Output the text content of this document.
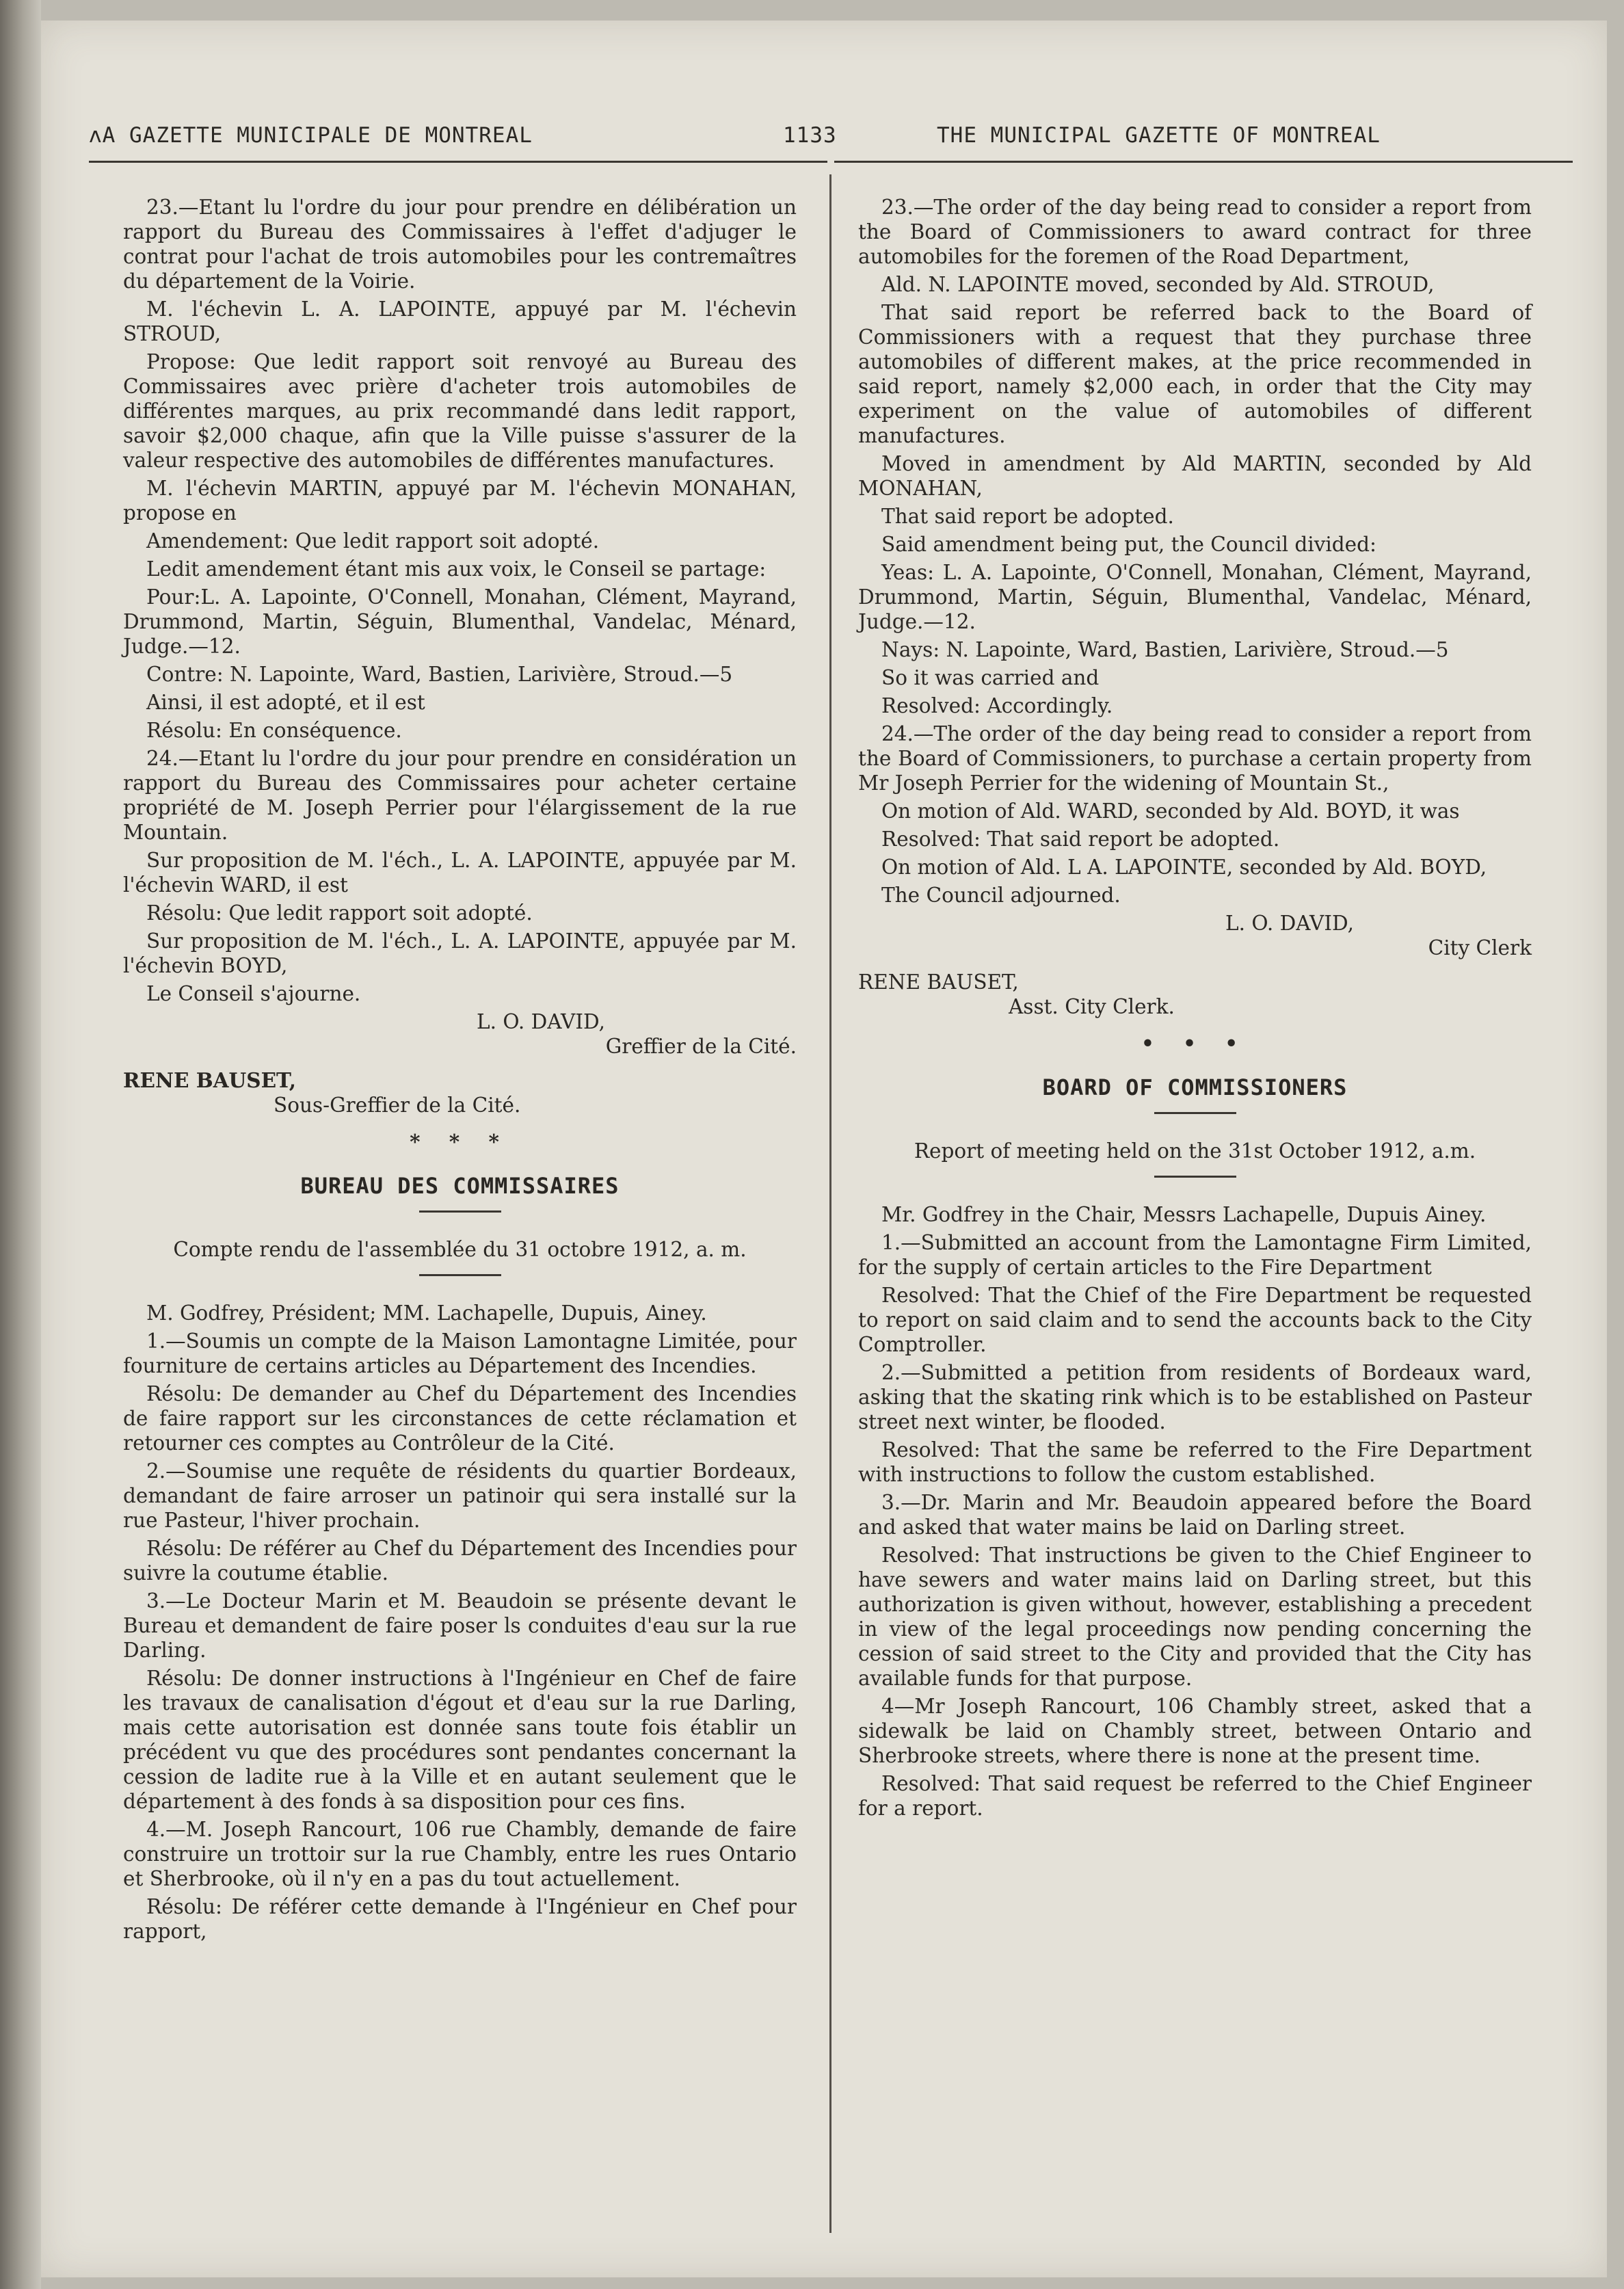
ʌA GAZETTE MUNICIPALE DE MONTREAL	1133	THE MUNICIPAL GAZETTE OF MONTREAL

23.—Etant lu l'ordre du jour pour prendre en délibération un rapport du Bureau des Commissaires à l'effet d'adjuger le contrat pour l'achat de trois automobiles pour les contremaîtres du département de la Voirie.

M. l'échevin L. A. LAPOINTE, appuyé par M. l'échevin STROUD,

Propose: Que ledit rapport soit renvoyé au Bureau des Commissaires avec prière d'acheter trois automobiles de différentes marques, au prix recommandé dans ledit rapport, savoir $2,000 chaque, afin que la Ville puisse s'assurer de la valeur respective des automobiles de différentes manufactures.

M. l'échevin MARTIN, appuyé par M. l'échevin MONAHAN, propose en

Amendement: Que ledit rapport soit adopté.

Ledit amendement étant mis aux voix, le Conseil se partage:

Pour:L. A. Lapointe, O'Connell, Monahan, Clément, Mayrand, Drummond, Martin, Séguin, Blumenthal, Vandelac, Ménard, Judge.—12.

Contre: N. Lapointe, Ward, Bastien, Larivière, Stroud.—5

Ainsi, il est adopté, et il est

Résolu: En conséquence.

24.—Etant lu l'ordre du jour pour prendre en considération un rapport du Bureau des Commissaires pour acheter certaine propriété de M. Joseph Perrier pour l'élargissement de la rue Mountain.

Sur proposition de M. l'éch., L. A. LAPOINTE, appuyée par M. l'échevin WARD, il est

Résolu: Que ledit rapport soit adopté.

Sur proposition de M. l'éch., L. A. LAPOINTE, appuyée par M. l'échevin BOYD,

Le Conseil s'ajourne.

L. O. DAVID,

Greffier de la Cité.

RENE BAUSET,

Sous-Greffier de la Cité.

* * *

BUREAU DES COMMISSAIRES

Compte rendu de l'assemblée du 31 octobre 1912, a. m.

M. Godfrey, Président; MM. Lachapelle, Dupuis, Ainey.

1.—Soumis un compte de la Maison Lamontagne Limitée, pour fourniture de certains articles au Département des Incendies.

Résolu: De demander au Chef du Département des Incendies de faire rapport sur les circonstances de cette réclamation et retourner ces comptes au Contrôleur de la Cité.

2.—Soumise une requête de résidents du quartier Bordeaux, demandant de faire arroser un patinoir qui sera installé sur la rue Pasteur, l'hiver prochain.

Résolu: De référer au Chef du Département des Incendies pour suivre la coutume établie.

3.—Le Docteur Marin et M. Beaudoin se présente devant le Bureau et demandent de faire poser ls conduites d'eau sur la rue Darling.

Résolu: De donner instructions à l'Ingénieur en Chef de faire les travaux de canalisation d'égout et d'eau sur la rue Darling, mais cette autorisation est donnée sans toute fois établir un précédent vu que des procédures sont pendantes concernant la cession de ladite rue à la Ville et en autant seulement que le département à des fonds à sa disposition pour ces fins.

4.—M. Joseph Rancourt, 106 rue Chambly, demande de faire construire un trottoir sur la rue Chambly, entre les rues Ontario et Sherbrooke, où il n'y en a pas du tout actuellement.

Résolu: De référer cette demande à l'Ingénieur en Chef pour rapport,

23.—The order of the day being read to consider a report from the Board of Commissioners to award contract for three automobiles for the foremen of the Road Department,

Ald. N. LAPOINTE moved, seconded by Ald. STROUD,

That said report be referred back to the Board of Commissioners with a request that they purchase three automobiles of different makes, at the price recommended in said report, namely $2,000 each, in order that the City may experiment on the value of automobiles of different manufactures.

Moved in amendment by Ald MARTIN, seconded by Ald MONAHAN,

That said report be adopted.

Said amendment being put, the Council divided:

Yeas: L. A. Lapointe, O'Connell, Monahan, Clément, Mayrand, Drummond, Martin, Séguin, Blumenthal, Vandelac, Ménard, Judge.—12.

Nays: N. Lapointe, Ward, Bastien, Larivière, Stroud.—5

So it was carried and

Resolved: Accordingly.

24.—The order of the day being read to consider a report from the Board of Commissioners, to purchase a certain property from Mr Joseph Perrier for the widening of Mountain St.,

On motion of Ald. WARD, seconded by Ald. BOYD, it was

Resolved: That said report be adopted.

On motion of Ald. L A. LAPOINTE, seconded by Ald. BOYD,

The Council adjourned.

L. O. DAVID,

City Clerk

RENE BAUSET,

Asst. City Clerk.

• • •

BOARD OF COMMISSIONERS

Report of meeting held on the 31st October 1912, a.m.

Mr. Godfrey in the Chair, Messrs Lachapelle, Dupuis Ainey.

1.—Submitted an account from the Lamontagne Firm Limited, for the supply of certain articles to the Fire Department

Resolved: That the Chief of the Fire Department be requested to report on said claim and to send the accounts back to the City Comptroller.

2.—Submitted a petition from residents of Bordeaux ward, asking that the skating rink which is to be established on Pasteur street next winter, be flooded.

Resolved: That the same be referred to the Fire Department with instructions to follow the custom established.

3.—Dr. Marin and Mr. Beaudoin appeared before the Board and asked that water mains be laid on Darling street.

Resolved: That instructions be given to the Chief Engineer to have sewers and water mains laid on Darling street, but this authorization is given without, however, establishing a precedent in view of the legal proceedings now pending concerning the cession of said street to the City and provided that the City has available funds for that purpose.

4—Mr Joseph Rancourt, 106 Chambly street, asked that a sidewalk be laid on Chambly street, between Ontario and Sherbrooke streets, where there is none at the present time.

Resolved: That said request be referred to the Chief Engineer for a report.
